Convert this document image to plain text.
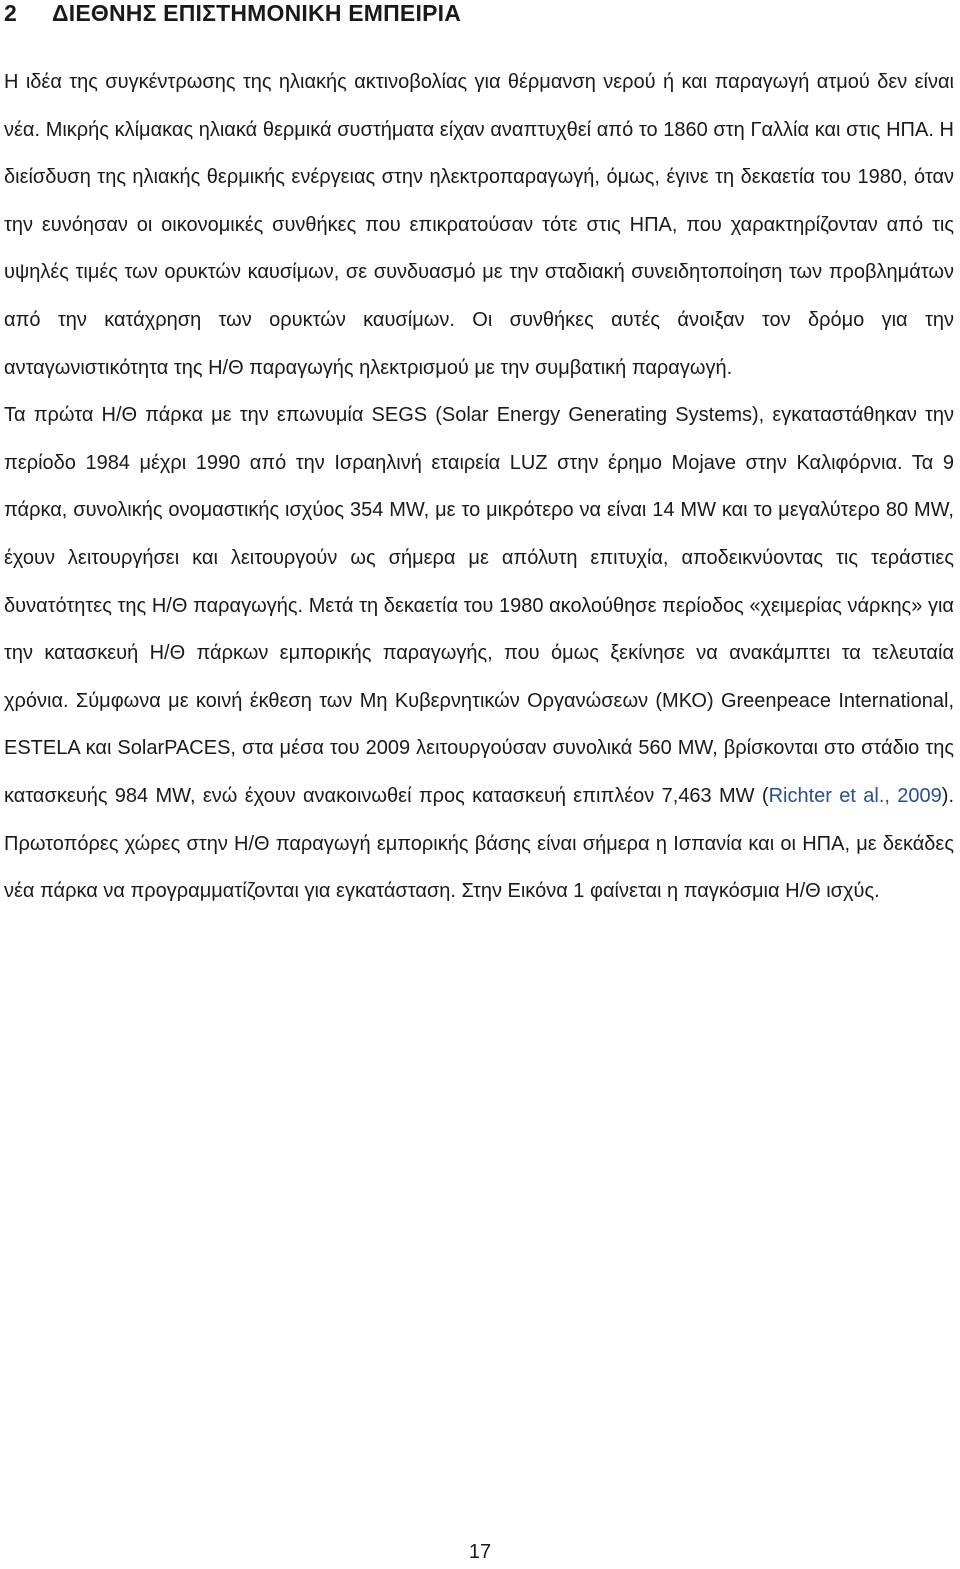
2 ΔΙΕΘΝΗΣ ΕΠΙΣΤΗΜΟΝΙΚΗ ΕΜΠΕΙΡΙΑ

Η ιδέα της συγκέντρωσης της ηλιακής ακτινοβολίας για θέρμανση νερού ή και παραγωγή ατμού δεν είναι νέα. Μικρής κλίμακας ηλιακά θερμικά συστήματα είχαν αναπτυχθεί από το 1860 στη Γαλλία και στις ΗΠΑ. Η διείσδυση της ηλιακής θερμικής ενέργειας στην ηλεκτροπαραγωγή, όμως, έγινε τη δεκαετία του 1980, όταν την ευνόησαν οι οικονομικές συνθήκες που επικρατούσαν τότε στις ΗΠΑ, που χαρακτηρίζονταν από τις υψηλές τιμές των ορυκτών καυσίμων, σε συνδυασμό με την σταδιακή συνειδητοποίηση των προβλημάτων από την κατάχρηση των ορυκτών καυσίμων. Οι συνθήκες αυτές άνοιξαν τον δρόμο για την ανταγωνιστικότητα της Η/Θ παραγωγής ηλεκτρισμού με την συμβατική παραγωγή.

Τα πρώτα Η/Θ πάρκα με την επωνυμία SEGS (Solar Energy Generating Systems), εγκαταστάθηκαν την περίοδο 1984 μέχρι 1990 από την Ισραηλινή εταιρεία LUZ στην έρημο Mojave στην Καλιφόρνια. Τα 9 πάρκα, συνολικής ονομαστικής ισχύος 354 MW, με το μικρότερο να είναι 14 MW και το μεγαλύτερο 80 MW, έχουν λειτουργήσει και λειτουργούν ως σήμερα με απόλυτη επιτυχία, αποδεικνύοντας τις τεράστιες δυνατότητες της Η/Θ παραγωγής. Μετά τη δεκαετία του 1980 ακολούθησε περίοδος «χειμερίας νάρκης» για την κατασκευή Η/Θ πάρκων εμπορικής παραγωγής, που όμως ξεκίνησε να ανακάμπτει τα τελευταία χρόνια. Σύμφωνα με κοινή έκθεση των Μη Κυβερνητικών Οργανώσεων (ΜΚΟ) Greenpeace International, ESTELA και SolarPACES, στα μέσα του 2009 λειτουργούσαν συνολικά 560 MW, βρίσκονται στο στάδιο της κατασκευής 984 MW, ενώ έχουν ανακοινωθεί προς κατασκευή επιπλέον 7,463 MW (Richter et al., 2009). Πρωτοπόρες χώρες στην Η/Θ παραγωγή εμπορικής βάσης είναι σήμερα η Ισπανία και οι ΗΠΑ, με δεκάδες νέα πάρκα να προγραμματίζονται για εγκατάσταση. Στην Εικόνα 1 φαίνεται η παγκόσμια Η/Θ ισχύς.

17
